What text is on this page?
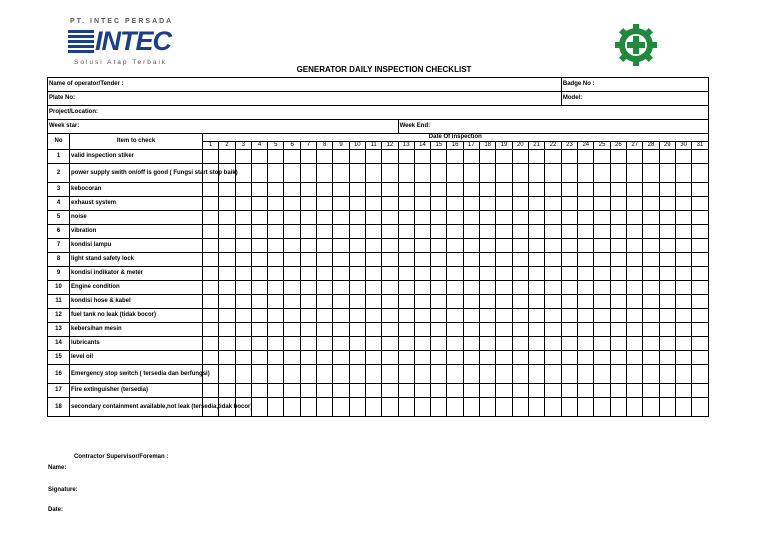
PT. INTEC PERSADA
INTEC
Solusi Atap Terbaik
GENERATOR DAILY INSPECTION CHECKLIST
Name of operator/Tender :																								Badge No :								
Plate No:																								Model:								
Project/Location:																																
Week star:														Week End:																		
No	Item to check	Date Of Inspection																														
		1	2	3	4	5	6	7	8	9	10	11	12	13	14	15	16	17	18	19	20	21	22	23	24	25	26	27	28	29	30	31
1	valid inspection stiker																															
2	power supply swith on/off is good ( Fungsi start stop baik)																															
3	kebocoran																															
4	exhaust system																															
5	noise																															
6	vibration																															
7	kondisi lampu																															
8	light stand safety lock																															
9	kondisi indikator & meter																															
10	Engine condition																															
11	kondisi hose & kabel																															
12	fuel tank no leak (tidak bocor)																															
13	kebersihan mesin																															
14	lubricants																															
15	level oil																															
16	Emergency stop switch ( tersedia dan berfungsi)																															
17	Fire extinguisher (tersedia)																															
18	secondary containment available,not leak (tersedia,tidak bocor)																															
Contractor Supervisor/Foreman :
Name:
Signature:
Date:
